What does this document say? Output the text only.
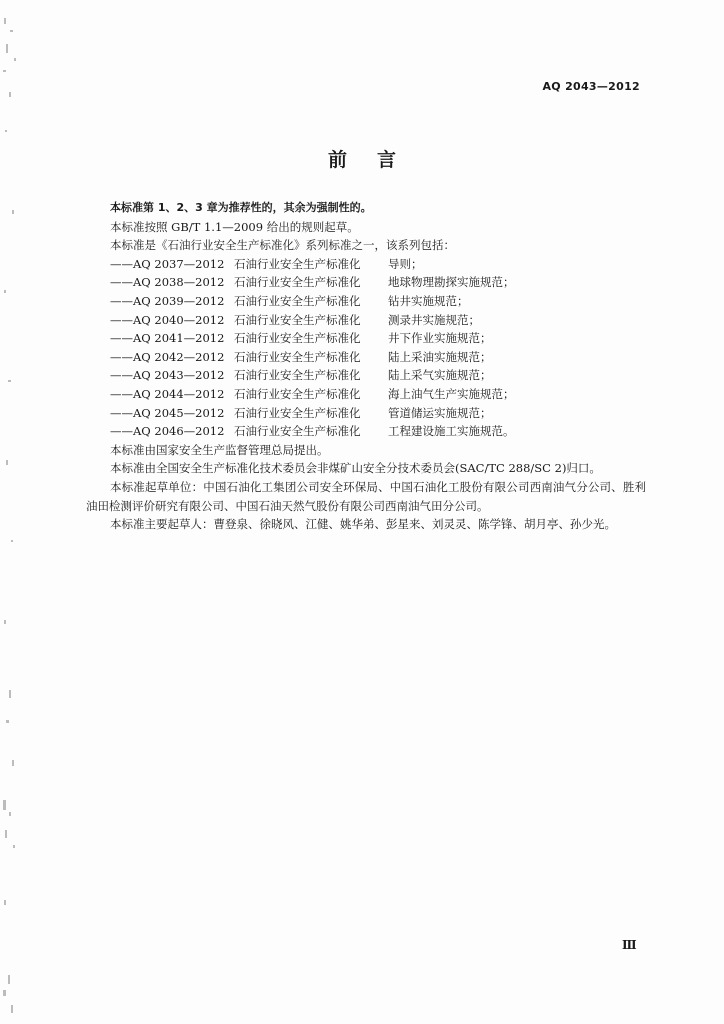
AQ 2043—2012
前言
本标准第 1、2、3 章为推荐性的，其余为强制性的。
本标准按照 GB/T 1.1—2009 给出的规则起草。
本标准是《石油行业安全生产标准化》系列标准之一，该系列包括：
——AQ 2037—2012 石油行业安全生产标准化 导则；
——AQ 2038—2012 石油行业安全生产标准化 地球物理勘探实施规范；
——AQ 2039—2012 石油行业安全生产标准化 钻井实施规范；
——AQ 2040—2012 石油行业安全生产标准化 测录井实施规范；
——AQ 2041—2012 石油行业安全生产标准化 井下作业实施规范；
——AQ 2042—2012 石油行业安全生产标准化 陆上采油实施规范；
——AQ 2043—2012 石油行业安全生产标准化 陆上采气实施规范；
——AQ 2044—2012 石油行业安全生产标准化 海上油气生产实施规范；
——AQ 2045—2012 石油行业安全生产标准化 管道储运实施规范；
——AQ 2046—2012 石油行业安全生产标准化 工程建设施工实施规范。
本标准由国家安全生产监督管理总局提出。
本标准由全国安全生产标准化技术委员会非煤矿山安全分技术委员会(SAC/TC 288/SC 2)归口。
本标准起草单位：中国石油化工集团公司安全环保局、中国石油化工股份有限公司西南油气分公司、胜利油田检测评价研究有限公司、中国石油天然气股份有限公司西南油气田分公司。
本标准主要起草人：曹登泉、徐晓风、江健、姚华弟、彭星来、刘灵灵、陈学锋、胡月亭、孙少光。
Ⅲ
